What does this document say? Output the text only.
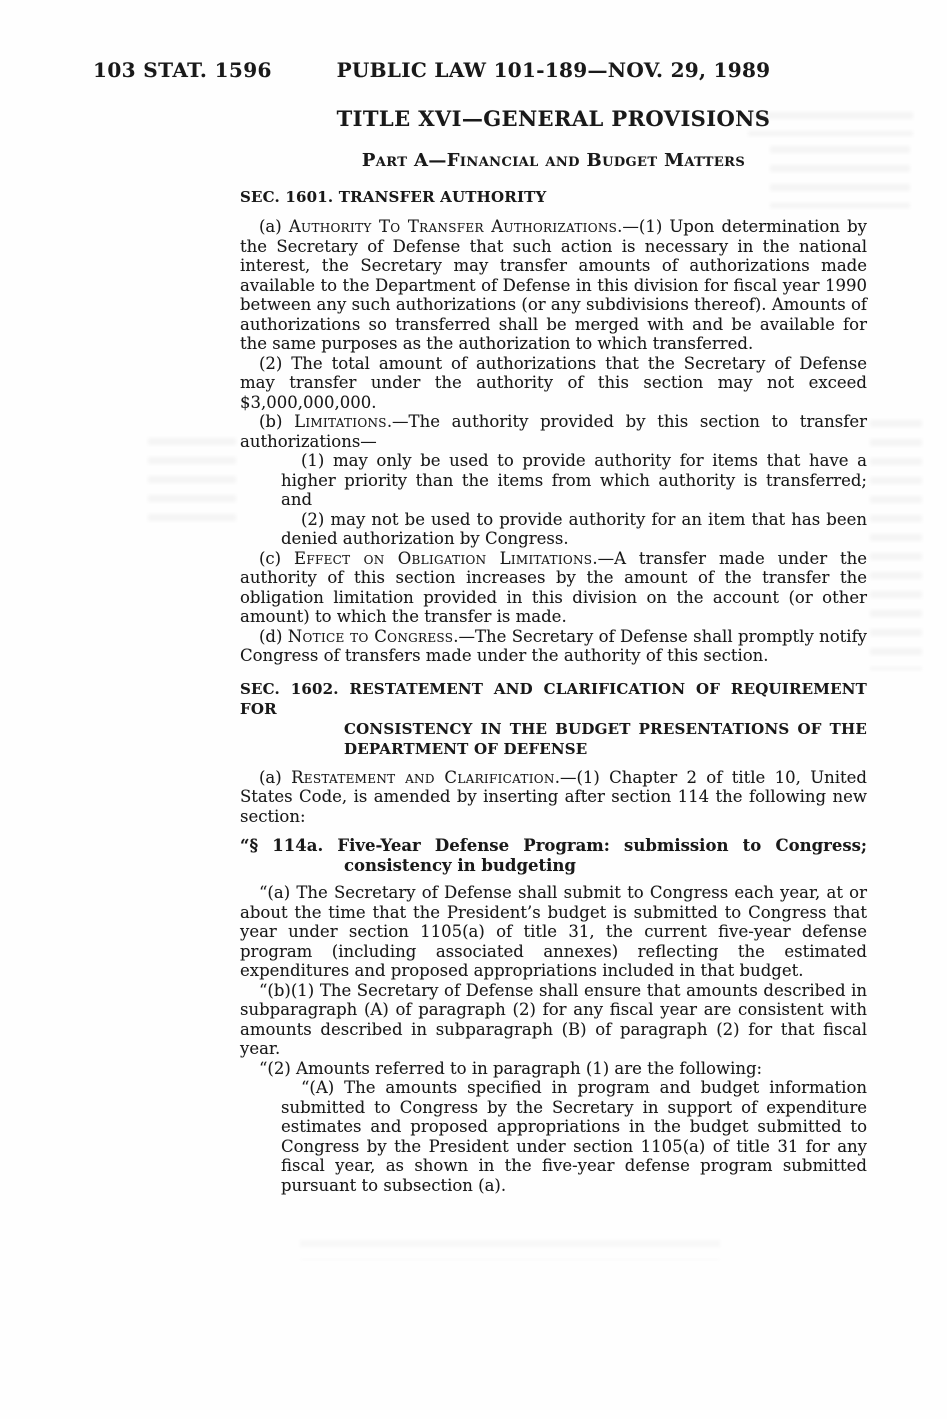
103 STAT. 1596	PUBLIC LAW 101-189—NOV. 29, 1989
TITLE XVI—GENERAL PROVISIONS
Part A—Financial and Budget Matters
SEC. 1601. TRANSFER AUTHORITY

(a) Authority To Transfer Authorizations.—(1) Upon determination by the Secretary of Defense that such action is necessary in the national interest, the Secretary may transfer amounts of authorizations made available to the Department of Defense in this division for fiscal year 1990 between any such authorizations (or any subdivisions thereof). Amounts of authorizations so transferred shall be merged with and be available for the same purposes as the authorization to which transferred.

(2) The total amount of authorizations that the Secretary of Defense may transfer under the authority of this section may not exceed $3,000,000,000.

(b) Limitations.—The authority provided by this section to transfer authorizations—

(1) may only be used to provide authority for items that have a higher priority than the items from which authority is transferred; and

(2) may not be used to provide authority for an item that has been denied authorization by Congress.

(c) Effect on Obligation Limitations.—A transfer made under the authority of this section increases by the amount of the transfer the obligation limitation provided in this division on the account (or other amount) to which the transfer is made.

(d) Notice to Congress.—The Secretary of Defense shall promptly notify Congress of transfers made under the authority of this section.

SEC. 1602. RESTATEMENT AND CLARIFICATION OF REQUIREMENT FOR
CONSISTENCY IN THE BUDGET PRESENTATIONS OF THE
DEPARTMENT OF DEFENSE

(a) Restatement and Clarification.—(1) Chapter 2 of title 10, United States Code, is amended by inserting after section 114 the following new section:

“§ 114a. Five-Year Defense Program: submission to Congress;
consistency in budgeting

“(a) The Secretary of Defense shall submit to Congress each year, at or about the time that the President’s budget is submitted to Congress that year under section 1105(a) of title 31, the current five-year defense program (including associated annexes) reflecting the estimated expenditures and proposed appropriations included in that budget.

“(b)(1) The Secretary of Defense shall ensure that amounts described in subparagraph (A) of paragraph (2) for any fiscal year are consistent with amounts described in subparagraph (B) of paragraph (2) for that fiscal year.

“(2) Amounts referred to in paragraph (1) are the following:

“(A) The amounts specified in program and budget information submitted to Congress by the Secretary in support of expenditure estimates and proposed appropriations in the budget submitted to Congress by the President under section 1105(a) of title 31 for any fiscal year, as shown in the five-year defense program submitted pursuant to subsection (a).
